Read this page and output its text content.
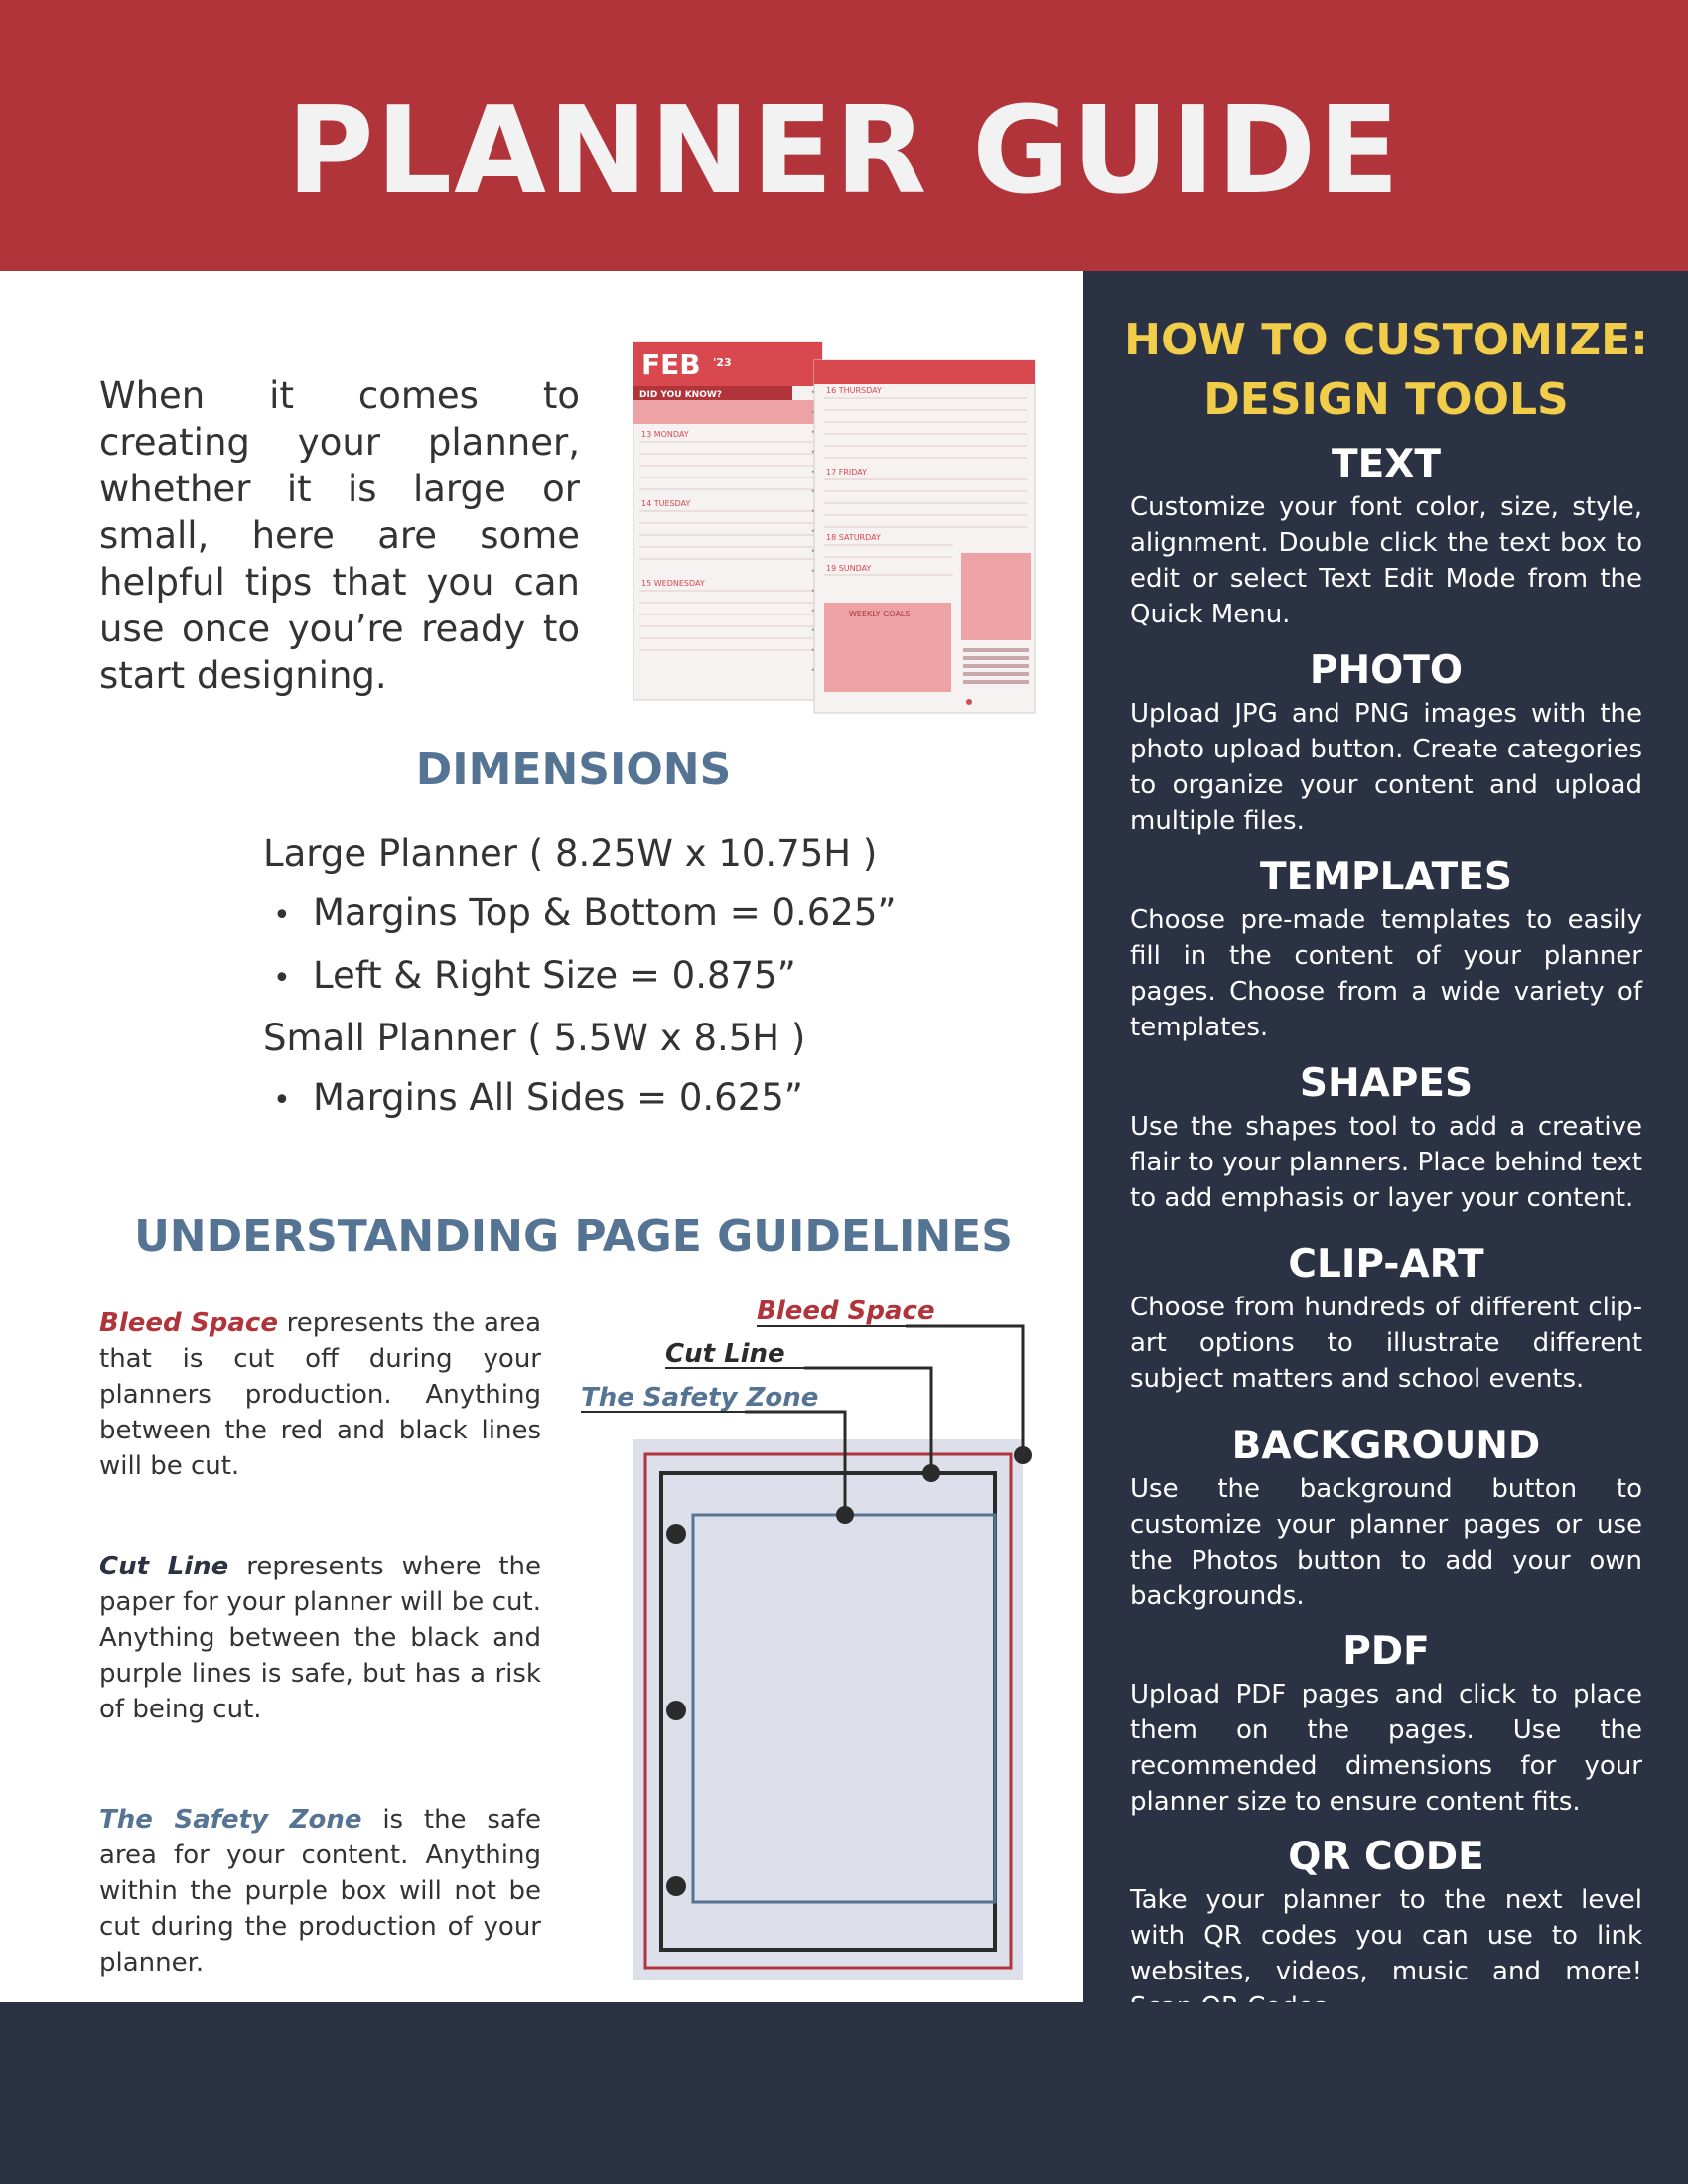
PLANNER GUIDE

When it comes to creating your planner, whether it is large or small, here are some helpful tips that you can use once you’re ready to start designing.

FEB '23
DID YOU KNOW?
13 MONDAY
14 TUESDAY
15 WEDNESDAY
16 THURSDAY
17 FRIDAY
18 SATURDAY
19 SUNDAY
WEEKLY GOALS
DIMENSIONS
Large Planner ( 8.25W x 10.75H )
• Margins Top & Bottom = 0.625”
• Left & Right Size = 0.875”
Small Planner ( 5.5W x 8.5H )
• Margins All Sides = 0.625”
UNDERSTANDING PAGE GUIDELINES

Bleed Space represents the area that is cut off during your planners production. Anything between the red and black lines will be cut.

Cut Line represents where the paper for your planner will be cut. Anything between the black and purple lines is safe, but has a risk of being cut.

The Safety Zone is the safe area for your content. Anything within the purple box will not be cut during the production of your planner.

Bleed Space
Cut Line
The Safety Zone
HOW TO CUSTOMIZE:
DESIGN TOOLS
TEXT

Customize your font color, size, style, alignment. Double click the text box to edit or select Text Edit Mode from the Quick Menu.

PHOTO

Upload JPG and PNG images with the photo upload button. Create categories to organize your content and upload multiple files.

TEMPLATES

Choose pre-made templates to easily fill in the content of your planner pages. Choose from a wide variety of templates.

SHAPES

Use the shapes tool to add a creative flair to your planners. Place behind text to add emphasis or layer your content.

CLIP-ART

Choose from hundreds of different clip-art options to illustrate different subject matters and school events.

BACKGROUND

Use the background button to customize your planner pages or use the Photos button to add your own backgrounds.

PDF

Upload PDF pages and click to place them on the pages. Use the recommended dimensions for your planner size to ensure content fits.

QR CODE

Take your planner to the next level with QR codes you can use to link websites, videos, music and more!
